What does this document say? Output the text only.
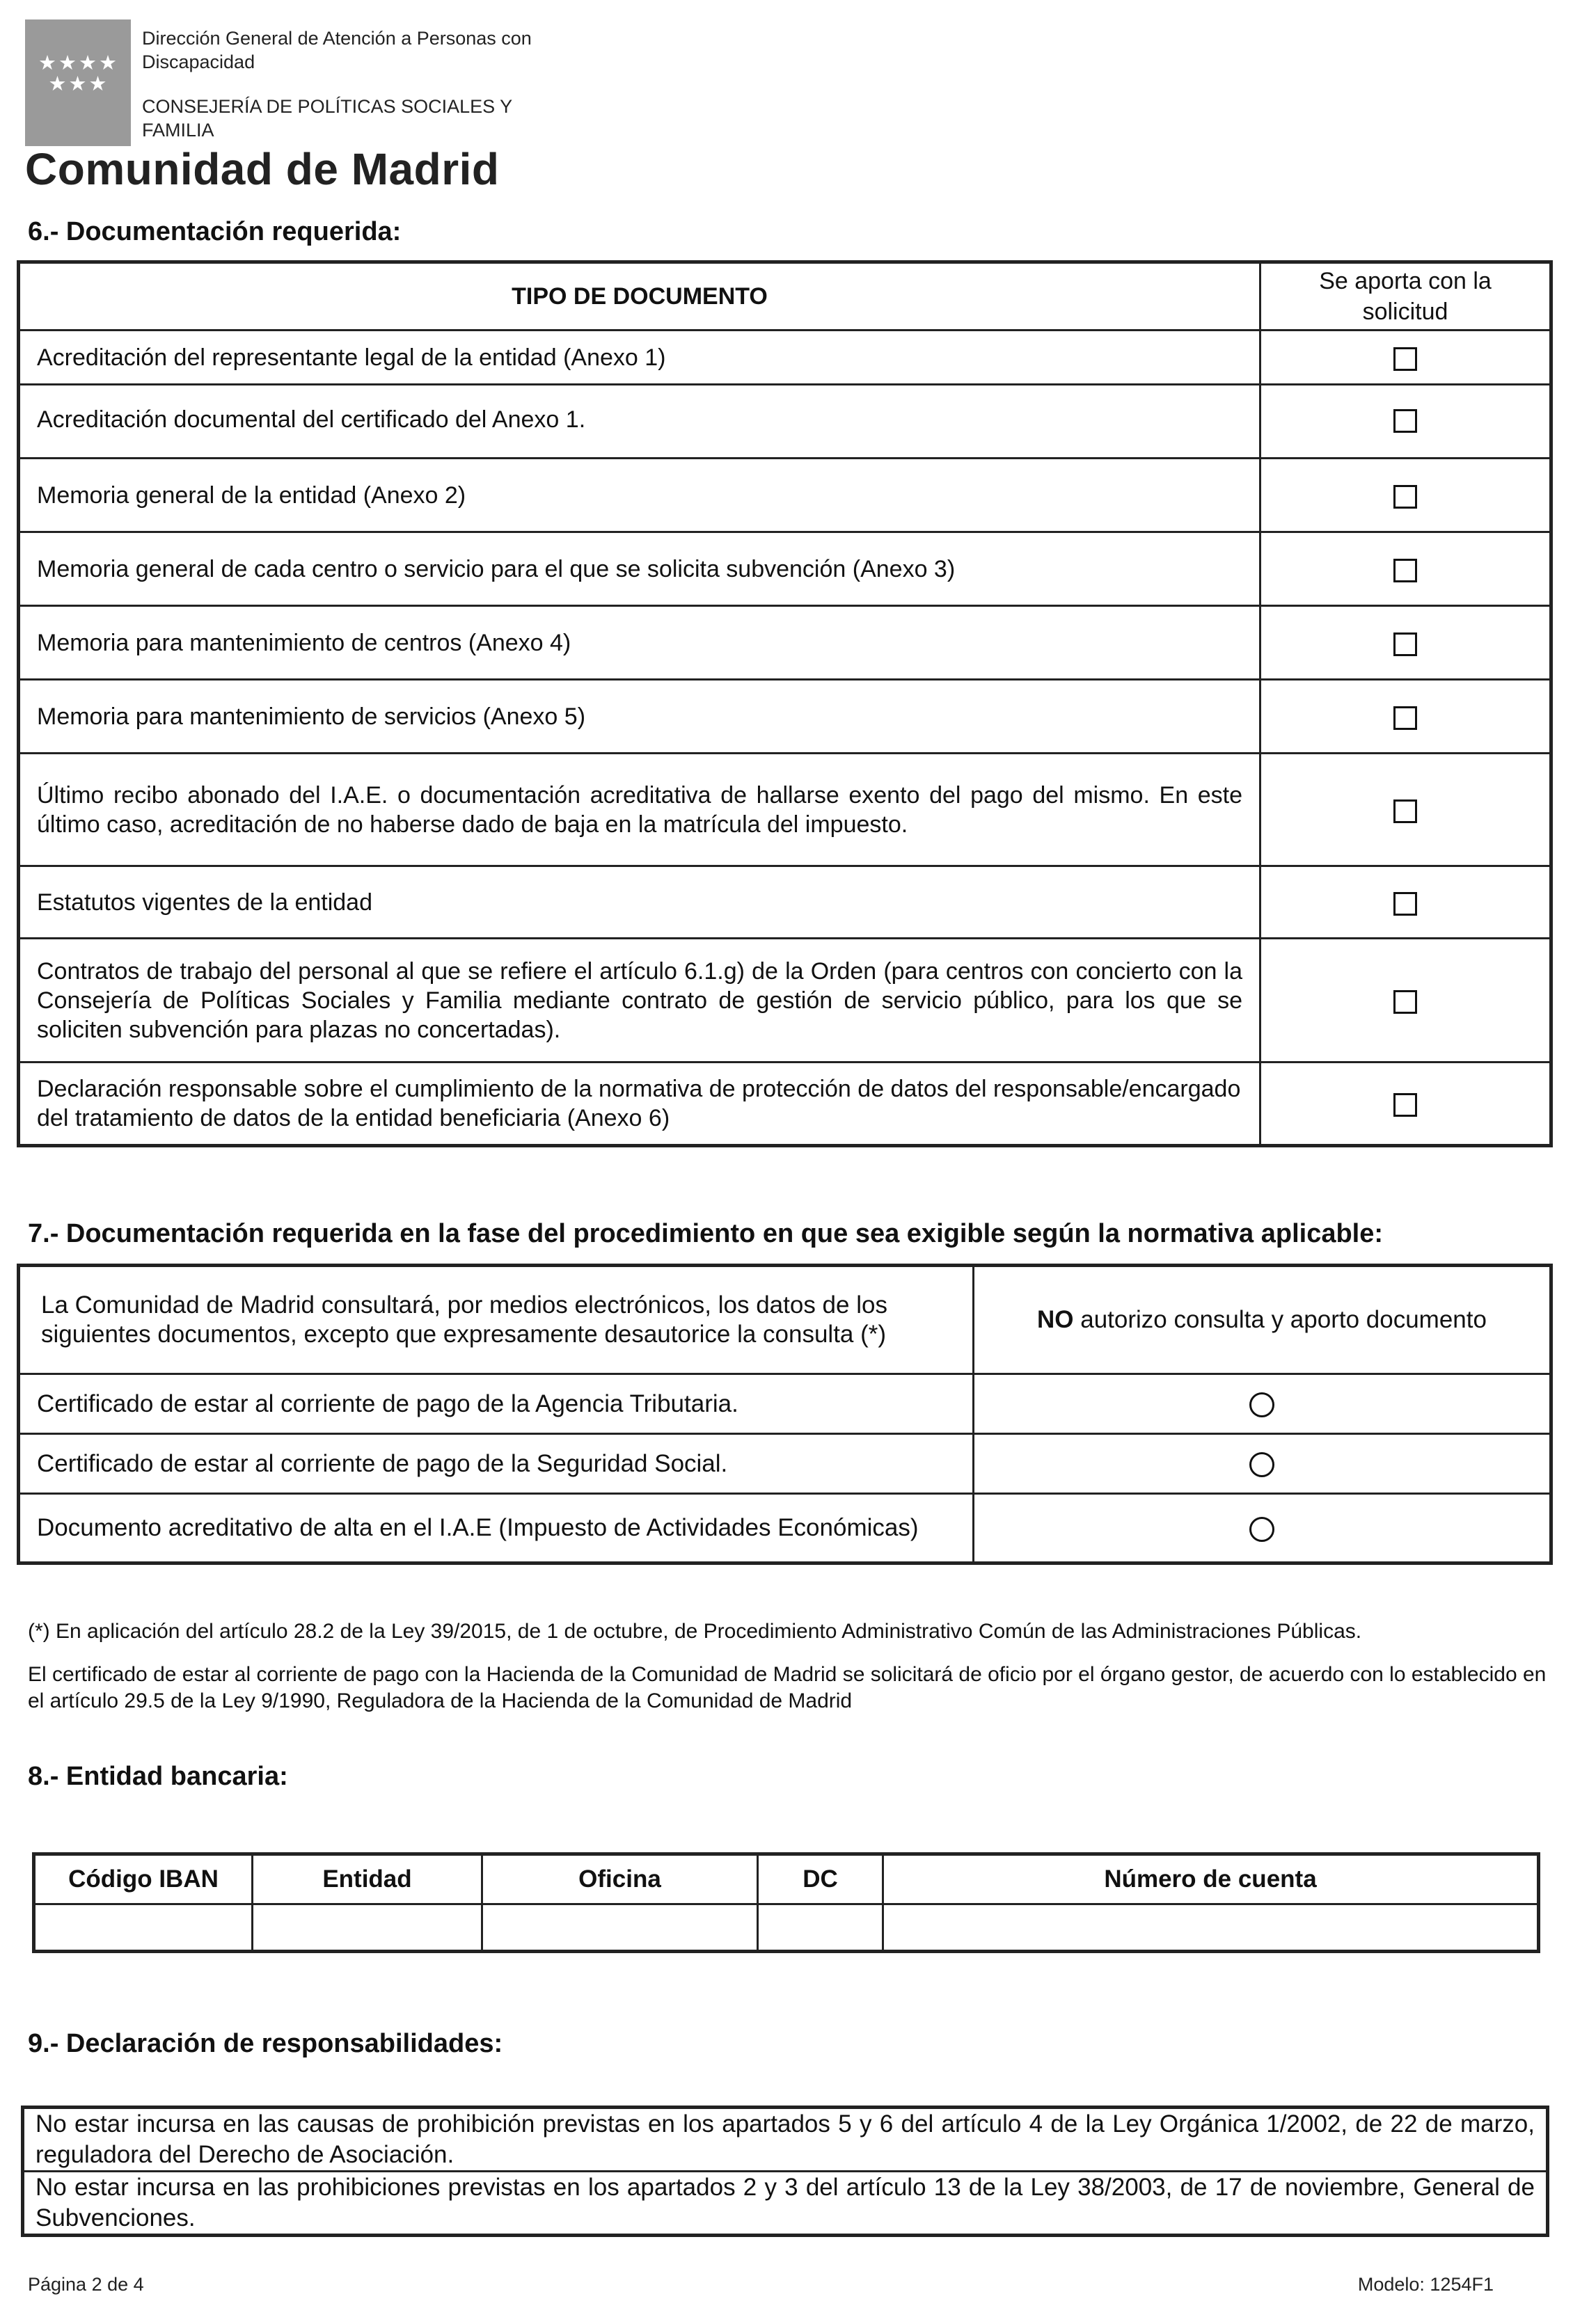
★★★★
★★★
Dirección General de Atención a Personas con
Discapacidad
CONSEJERÍA DE POLÍTICAS SOCIALES Y
FAMILIA
Comunidad de Madrid
6.- Documentación requerida:
TIPO DE DOCUMENTO	Se aporta con la
solicitud

Acreditación del representante legal de la entidad (Anexo 1)	
Acreditación documental del certificado del Anexo 1.	
Memoria general de la entidad (Anexo 2)	
Memoria general de cada centro o servicio para el que se solicita subvención (Anexo 3)	
Memoria para mantenimiento de centros (Anexo 4)	
Memoria para mantenimiento de servicios (Anexo 5)	
Último recibo abonado del I.A.E. o documentación acreditativa de hallarse exento del pago del mismo. En este último caso, acreditación de no haberse dado de baja en la matrícula del impuesto.	
Estatutos vigentes de la entidad	
Contratos de trabajo del personal al que se refiere el artículo 6.1.g) de la Orden (para centros con concierto con la Consejería de Políticas Sociales y Familia mediante contrato de gestión de servicio público, para los que se soliciten subvención para plazas no concertadas).	
Declaración responsable sobre el cumplimiento de la normativa de protección de datos del responsable/encargado del tratamiento de datos de la entidad beneficiaria (Anexo 6)	
7.- Documentación requerida en la fase del procedimiento en que sea exigible según la normativa aplicable:
La Comunidad de Madrid consultará, por medios electrónicos, los datos de los siguientes documentos, excepto que expresamente desautorice la consulta (*)	NO autorizo consulta y aporto documento
Certificado de estar al corriente de pago de la Agencia Tributaria.	
Certificado de estar al corriente de pago de la Seguridad Social.	
Documento acreditativo de alta en el I.A.E (Impuesto de Actividades Económicas)	
(*) En aplicación del artículo 28.2 de la Ley 39/2015, de 1 de octubre, de Procedimiento Administrativo Común de las Administraciones Públicas.
El certificado de estar al corriente de pago con la Hacienda de la Comunidad de Madrid se solicitará de oficio por el órgano gestor, de acuerdo con lo establecido en el artículo 29.5 de la Ley 9/1990, Reguladora de la Hacienda de la Comunidad de Madrid
8.- Entidad bancaria:
Código IBAN	Entidad	Oficina	DC	Número de cuenta

9.- Declaración de responsabilidades:
No estar incursa en las causas de prohibición previstas en los apartados 5 y 6 del artículo 4 de la Ley Orgánica 1/2002, de 22 de marzo, reguladora del Derecho de Asociación.
No estar incursa en las prohibiciones previstas en los apartados 2 y 3 del artículo 13 de la Ley 38/2003, de 17 de noviembre, General de Subvenciones.
Página 2 de 4	Modelo: 1254F1
